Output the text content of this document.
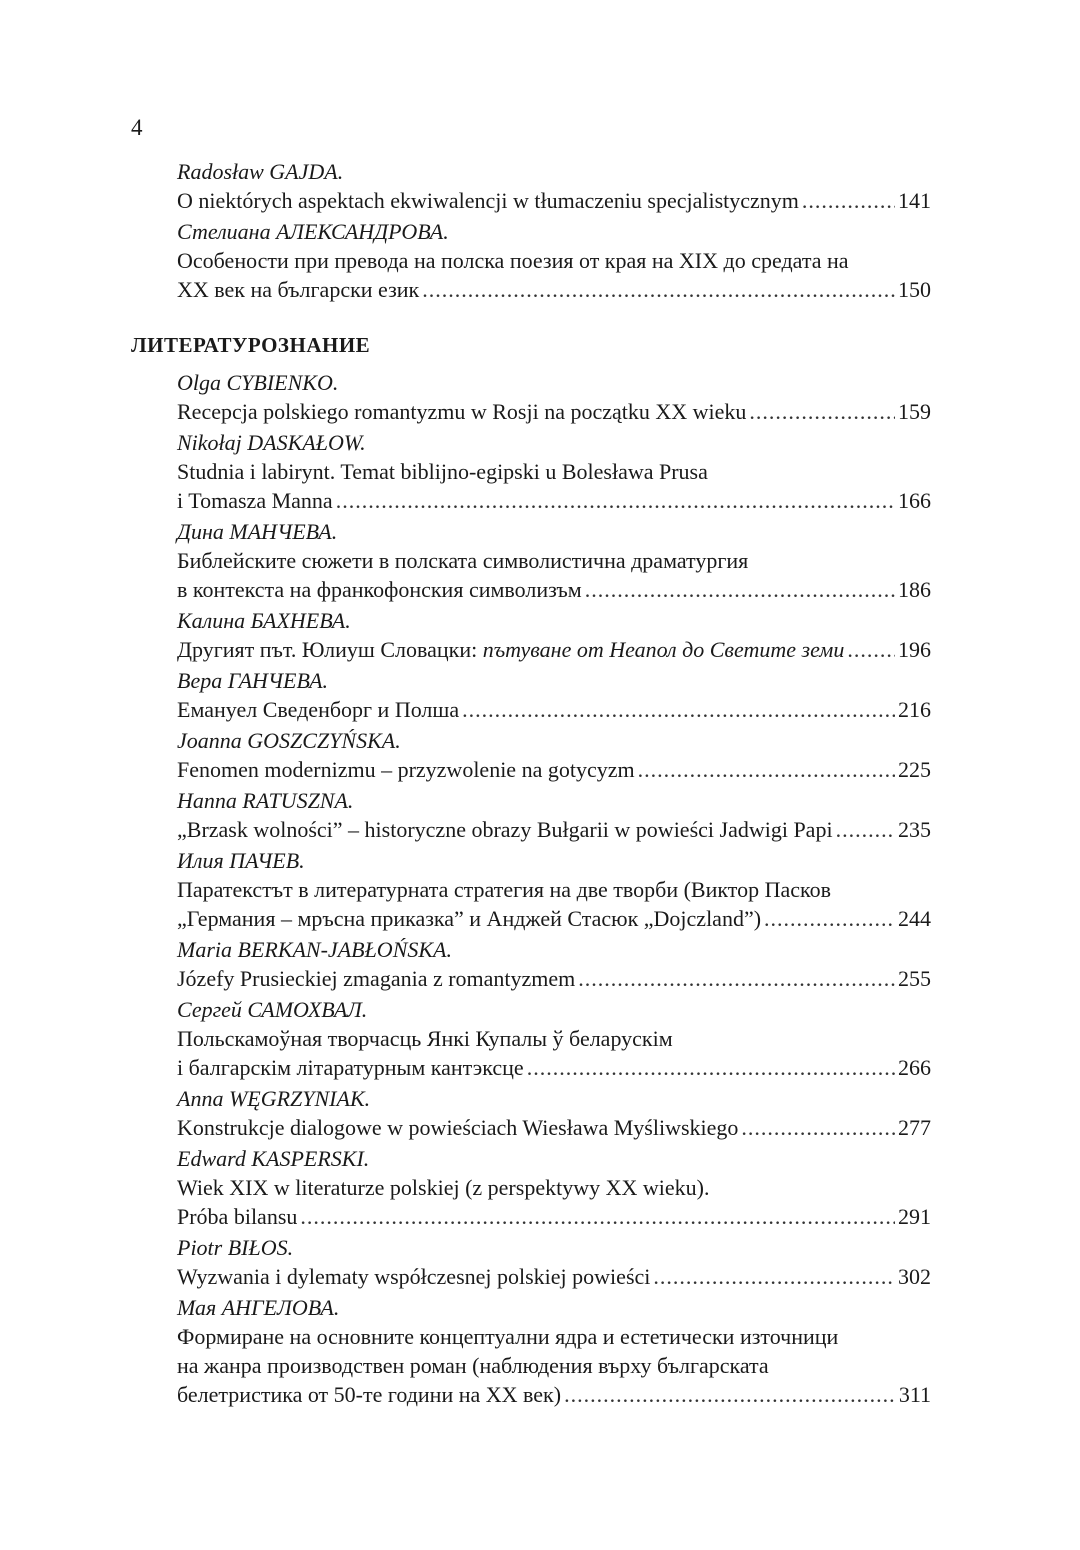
4
Radosław GAJDA.
O niektórych aspektach ekwiwalencji w tłumaczeniu specjalistycznym .....	141
Стелиана АЛЕКСАНДРОВА.
Особености при превода на полска поезия от края на XIX до средата на
XX век на български език .....	150
ЛИТЕРАТУРОЗНАНИЕ
Olga CYBIENKO.
Recepcja polskiego romantyzmu w Rosji na początku XX wieku .....	159
Nikołaj DASKAŁOW.
Studnia i labirynt. Temat biblijno-egipski u Bolesława Prusa
i Tomasza Manna .....	166
Дина МАНЧЕВА.
Библейските сюжети в полската символистична драматургия
в контекста на франкофонския символизъм .....	186
Калина БАХНЕВА.
Другият път. Юлиуш Словацки: пътуване от Неапол до Светите земи ..... 196
Вера ГАНЧЕВА.
Емануел Сведенборг и Полша .....	216
Joanna GOSZCZYŃSKA.
Fenomen modernizmu – przyzwolenie na gotycyzm .....	225
Hanna RATUSZNA.
„Brzask wolności” – historyczne obrazy Bułgarii w powieści Jadwigi Papi .....	235
Илия ПАЧЕВ.
Паратекстът в литературната стратегия на две творби (Виктор Пасков
„Германия – мръсна приказка” и Анджей Стасюк „Dojczland”) .....	244
Maria BERKAN-JABŁOŃSKA.
Józefy Prusieckiej zmagania z romantyzmem .....	255
Сергей САМОХВАЛ.
Польскамоўная творчасць Янкі Купалы ў беларускім
і балгарскім літаратурным кантэксце .....	266
Anna WĘGRZYNIAK.
Konstrukcje dialogowe w powieściach Wiesława Myśliwskiego .....	277
Edward KASPERSKI.
Wiek XIX w literaturze polskiej (z perspektywy XX wieku).
Próba bilansu .....	291
Piotr BIŁOS.
Wyzwania i dylematy współczesnej polskiej powieści .....	302
Мая АНГЕЛОВА.
Формиране на основните концептуални ядра и естетически източници
на жанра производствен роман (наблюдения върху българската
белетристика от 50-те години на XX век) .....	311
